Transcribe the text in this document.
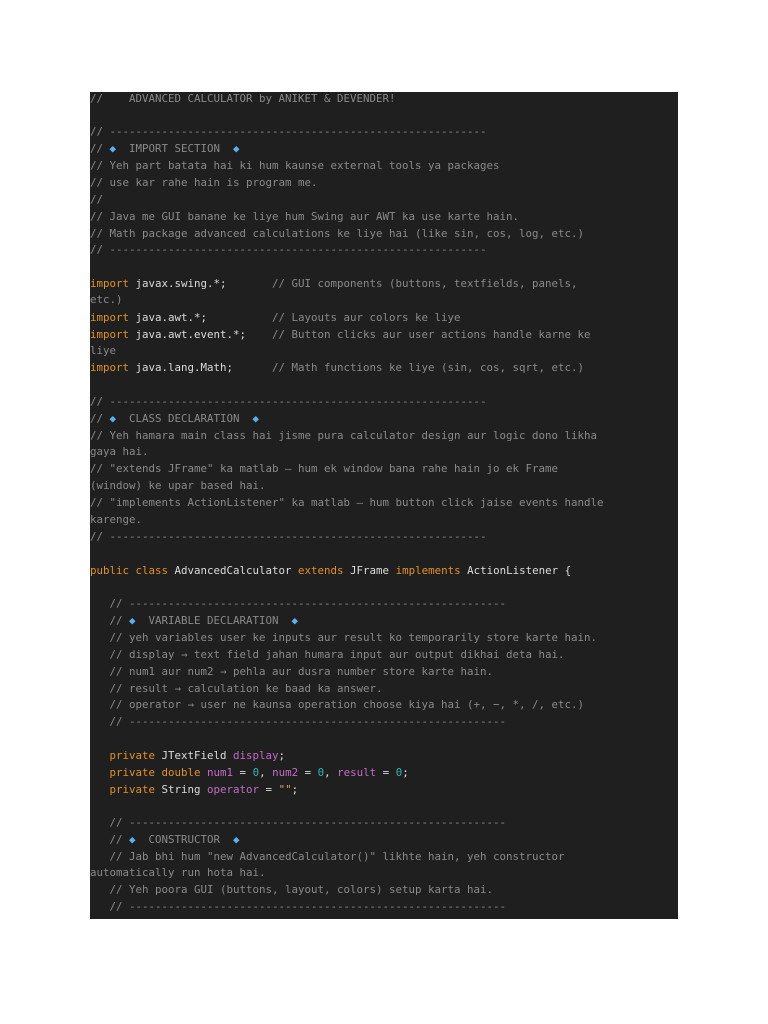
//    ADVANCED CALCULATOR by ANIKET & DEVENDER!
// ----------------------------------------------------------
// ◆  IMPORT SECTION  ◆
// Yeh part batata hai ki hum kaunse external tools ya packages
// use kar rahe hain is program me.
//
// Java me GUI banane ke liye hum Swing aur AWT ka use karte hain.
// Math package advanced calculations ke liye hai (like sin, cos, log, etc.)
// ----------------------------------------------------------
import javax.swing.*;       // GUI components (buttons, textfields, panels,
etc.)
import java.awt.*;          // Layouts aur colors ke liye
import java.awt.event.*;    // Button clicks aur user actions handle karne ke
liye
import java.lang.Math;      // Math functions ke liye (sin, cos, sqrt, etc.)
// ----------------------------------------------------------
// ◆  CLASS DECLARATION  ◆
// Yeh hamara main class hai jisme pura calculator design aur logic dono likha
gaya hai.
// "extends JFrame" ka matlab – hum ek window bana rahe hain jo ek Frame
(window) ke upar based hai.
// "implements ActionListener" ka matlab – hum button click jaise events handle
karenge.
// ----------------------------------------------------------
public class AdvancedCalculator extends JFrame implements ActionListener {
// ----------------------------------------------------------
// ◆  VARIABLE DECLARATION  ◆
// yeh variables user ke inputs aur result ko temporarily store karte hain.
// display → text field jahan humara input aur output dikhai deta hai.
// num1 aur num2 → pehla aur dusra number store karte hain.
// result → calculation ke baad ka answer.
// operator → user ne kaunsa operation choose kiya hai (+, −, *, /, etc.)
// ----------------------------------------------------------
private JTextField display;
private double num1 = 0, num2 = 0, result = 0;
private String operator = "";
// ----------------------------------------------------------
// ◆  CONSTRUCTOR  ◆
// Jab bhi hum "new AdvancedCalculator()" likhte hain, yeh constructor
automatically run hota hai.
// Yeh poora GUI (buttons, layout, colors) setup karta hai.
// ----------------------------------------------------------
